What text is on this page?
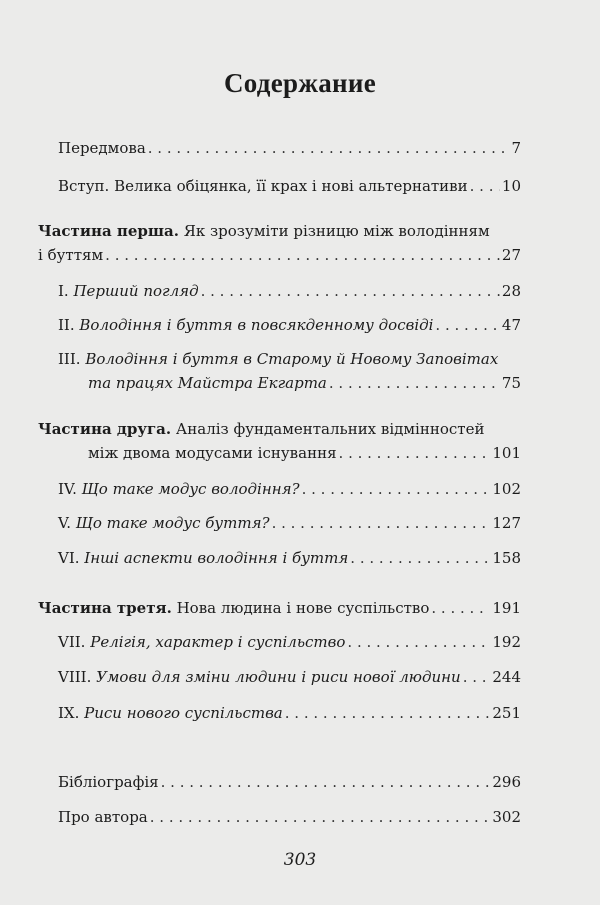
Содержание
Передмова . . .	7
Вступ. Велика обіцянка, її крах і нові альтернативи . . . 10
Частина перша. Як зрозуміти різницю між володінням
і буттям . . .	27
І. Перший погляд . . .	28
ІІ. Володіння і буття в повсякденному досвіді . . .	47
ІІІ. Володіння і буття в Старому й Новому Заповітах
та працях Майстра Екгарта . . .	75
Частина друга. Аналіз фундаментальних відмінностей
між двома модусами існування . . .	101
IV. Що таке модус володіння? . . .	102
V. Що таке модус буття? . . .	127
VI. Інші аспекти володіння і буття . . .	158
Частина третя. Нова людина і нове суспільство . . .	191
VII. Релігія, характер і суспільство . . .	192
VIII. Умови для зміни людини і риси нової людини . . . 244
IX. Риси нового суспільства . . .	251
Бібліографія . . .	296
Про автора . . .	302
303
